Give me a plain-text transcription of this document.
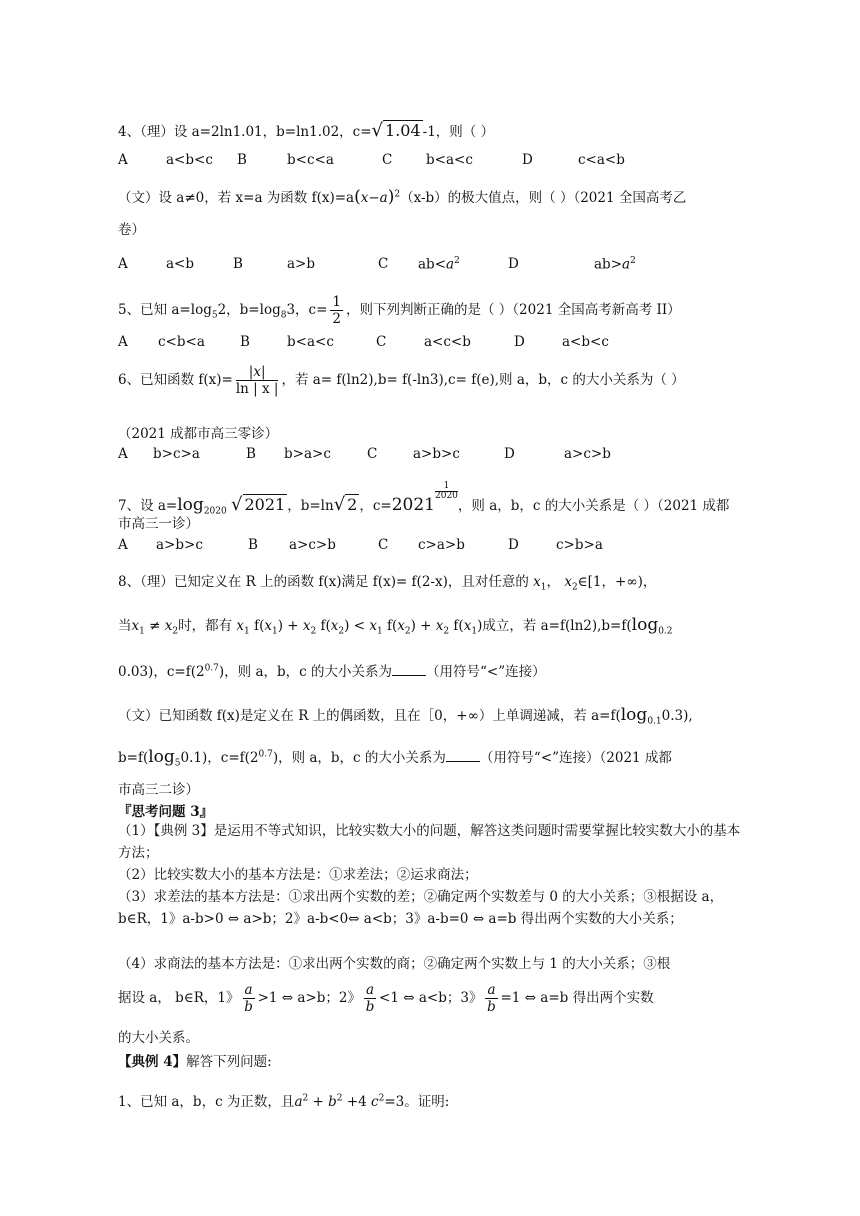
4、（理）设 a=2ln1.01，b=ln1.02，c=√ 1.04 -1，则（ ）
A	a<b<c B	b<c<a	C b<a<c	D	c<a<b
（文）设 a≠0，若 x=a 为函数 $f(x)=a(x-a)^2(x-b)$的极大值点，则（ ）（2021 全国高考乙
卷）
A	a<b	B	a>b	C $ab<a^2$	D	$ab>a^2$
5、已知 $a=\log_52$，$b=\log_83$，$c= \frac{1}{2}$ ，则下列判断正确的是（ ）（2021 全国高考新高考 II）
A c<b<a	B	b<a<c	C	a<c<b	D	a<b<c
6、已知函数 $f(x)= \frac{|x|}{\ln | x |}$ ，若 a= f(ln2),b= f(-ln3),c= f(e),则 a，b，c 的大小关系为（ ）
（2021 成都市高三零诊）
A b>c>a	B b>a>c	C	a>b>c	D	a>c>b
7、设 $a=\log_{2020}$ √ 2021 ，b=ln√ 2 ，c=2021
$^{\frac{1}{2020}}$
，则 a，b，c 的大小关系是（ ）（2021 成都
市高三一诊）
A a>b>c	B a>c>b	C c>a>b	D	c>b>a
8、（理）已知定义在 R 上的函数 f(x)满足 f(x)= f(2-x)，且对任意的 $x_1$， $x_2\in[1$，+∞)，
当$x_1 \ne x_2$时，都有 $x_1$ $f(x_1) + x_2$ $f(x_2) < x_1$ $f(x_2) + x_2$ $f(x_1)$成立，若 $a=f(\ln 2),b=f(\log_{0.2}$
0.03)，$c=f(2^{0.7})$，则 a，b，c 的大小关系为	（用符号“<”连接）
（文）已知函数 f(x)是定义在 R 上的偶函数，且在［0，+∞）上单调递减，若 $a=f(\log_{0.1}0.3)$,
$b=f(\log_50.1)$，$c=f(2^{0.7})$，则 a，b，c 的大小关系为	（用符号“<”连接）（2021 成都
市高三二诊）
『思考问题 3』
（1）【典例 3】是运用不等式知识，比较实数大小的问题，解答这类问题时需要掌握比较实数大小的基本方法；
（2）比较实数大小的基本方法是：①求差法；②运求商法；
（3）求差法的基本方法是：①求出两个实数的差；②确定两个实数差与 0 的大小关系；③根据设 a， b∈R，1》a-b>0 ⇔ a>b；2》a-b<0⇔ a<b；3》a-b=0 ⇔ a=b 得出两个实数的大小关系；
（4）求商法的基本方法是：①求出两个实数的商；②确定两个实数上与 1 的大小关系；③根
据设 a， b∈R，1》 $\frac{a}{b} >1$ ⇔ a>b；2》 $\frac{a}{b} <1$ ⇔ a<b；3》 $\frac{a}{b} =1$ ⇔ a=b 得出两个实数
的大小关系。
【典例 4】解答下列问题:
1、已知 a，b，c 为正数，且$a^2 + b^2 +4$ $c^2=3$。证明:
